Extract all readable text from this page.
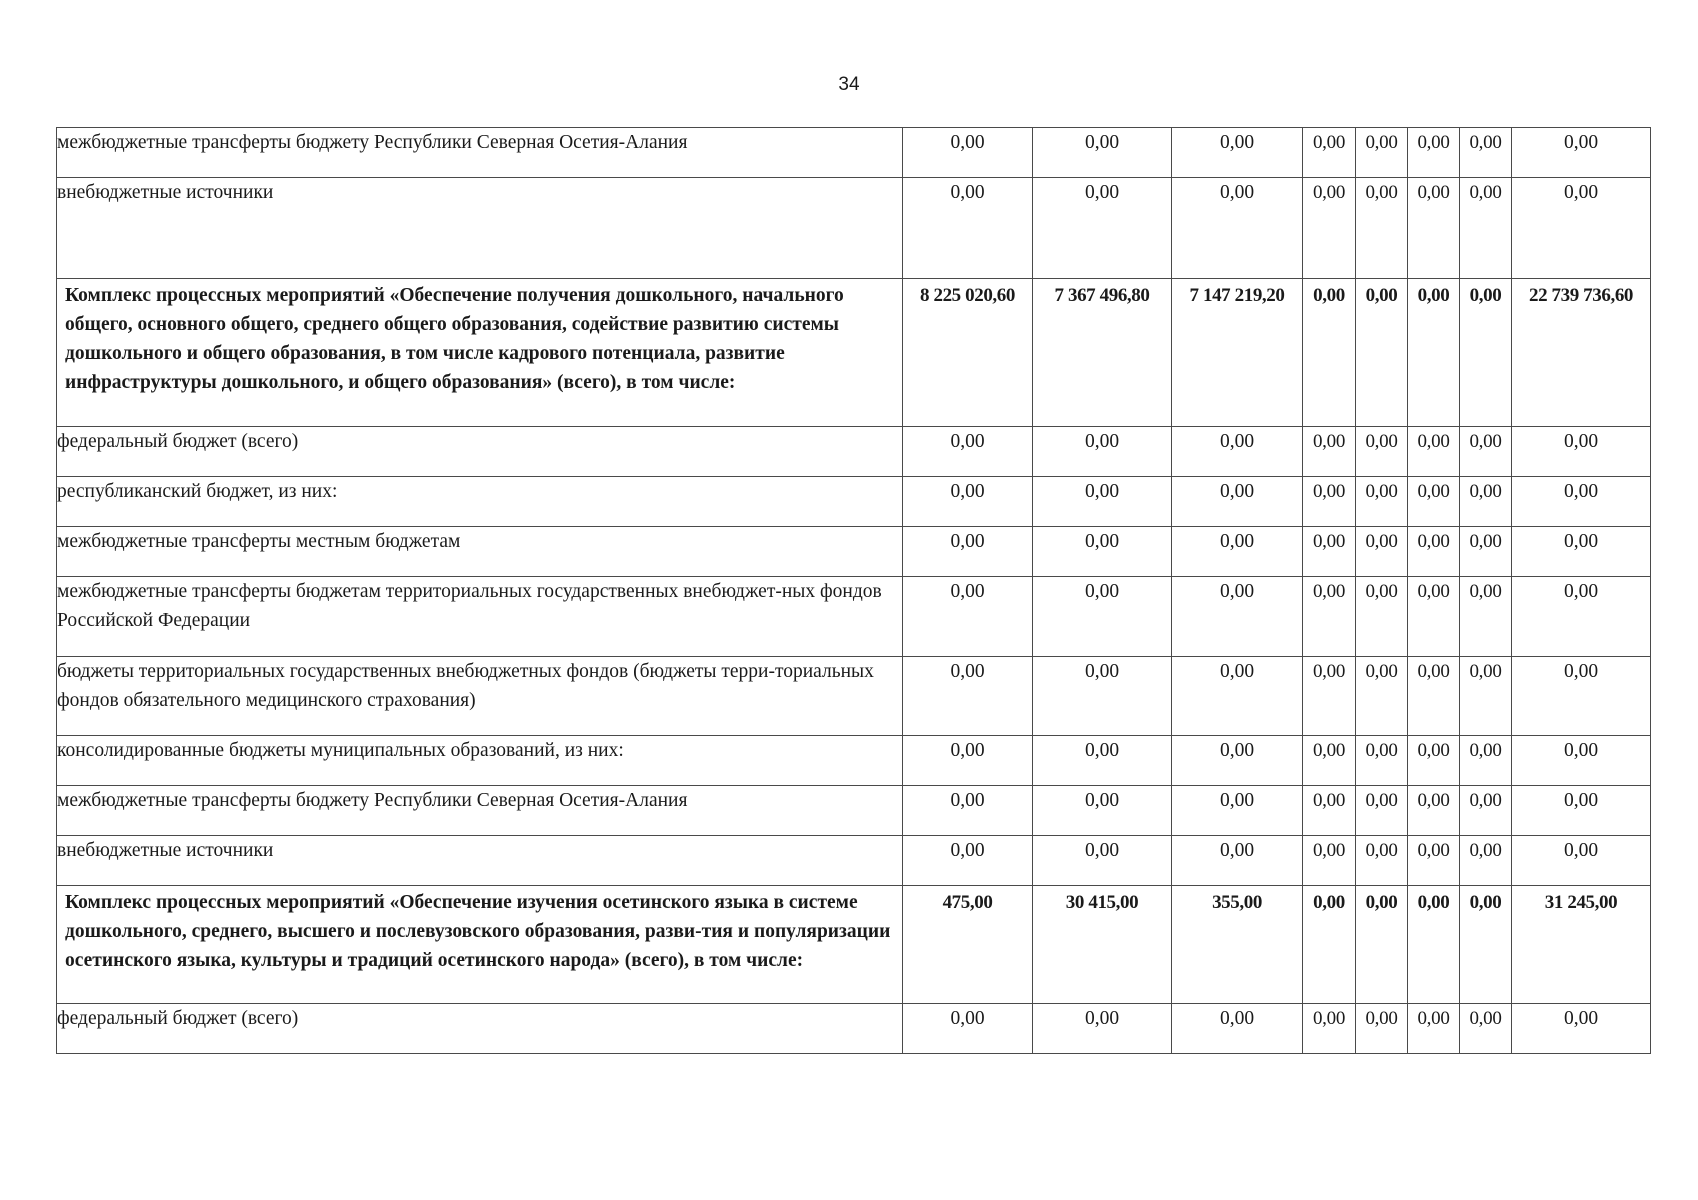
34
межбюджетные трансферты бюджету Республики Северная Осетия-Алания	0,00	0,00	0,00	0,00	0,00	0,00	0,00	0,00
внебюджетные источники	0,00	0,00	0,00	0,00	0,00	0,00	0,00	0,00
Комплекс процессных мероприятий «Обеспечение получения дошкольного, начального общего, основного общего, среднего общего образования, содействие развитию системы дошкольного и общего образования, в том числе кадрового потенциала, развитие инфраструктуры дошкольного, и общего образования» (всего), в том числе:	8 225 020,60	7 367 496,80	7 147 219,20	0,00	0,00	0,00	0,00	22 739 736,60
федеральный бюджет (всего)	0,00	0,00	0,00	0,00	0,00	0,00	0,00	0,00
республиканский бюджет, из них:	0,00	0,00	0,00	0,00	0,00	0,00	0,00	0,00
межбюджетные трансферты местным бюджетам	0,00	0,00	0,00	0,00	0,00	0,00	0,00	0,00
межбюджетные трансферты бюджетам территориальных государственных внебюджет-ных фондов Российской Федерации	0,00	0,00	0,00	0,00	0,00	0,00	0,00	0,00
бюджеты территориальных государственных внебюджетных фондов (бюджеты терри-ториальных фондов обязательного медицинского страхования)	0,00	0,00	0,00	0,00	0,00	0,00	0,00	0,00
консолидированные бюджеты муниципальных образований, из них:	0,00	0,00	0,00	0,00	0,00	0,00	0,00	0,00
межбюджетные трансферты бюджету Республики Северная Осетия-Алания	0,00	0,00	0,00	0,00	0,00	0,00	0,00	0,00
внебюджетные источники	0,00	0,00	0,00	0,00	0,00	0,00	0,00	0,00
Комплекс процессных мероприятий «Обеспечение изучения осетинского языка в системе дошкольного, среднего, высшего и послевузовского образования, разви-тия и популяризации осетинского языка, культуры и традиций осетинского народа» (всего), в том числе:	475,00	30 415,00	355,00	0,00	0,00	0,00	0,00	31 245,00
федеральный бюджет (всего)	0,00	0,00	0,00	0,00	0,00	0,00	0,00	0,00
